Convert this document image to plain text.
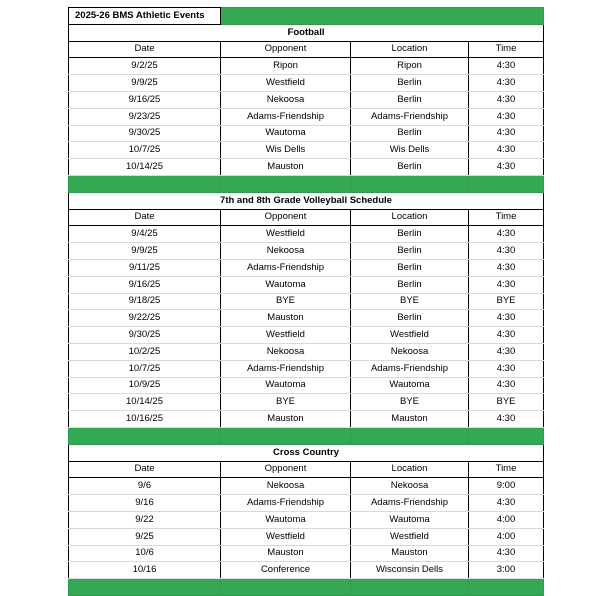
2025-26 BMS Athletic Events			
Football			
Date	Opponent	Location	Time
9/2/25	Ripon	Ripon	4:30
9/9/25	Westfield	Berlin	4:30
9/16/25	Nekoosa	Berlin	4:30
9/23/25	Adams-Friendship	Adams-Friendship	4:30
9/30/25	Wautoma	Berlin	4:30
10/7/25	Wis Dells	Wis Dells	4:30
10/14/25	Mauston	Berlin	4:30

7th and 8th Grade Volleyball Schedule			
Date	Opponent	Location	Time
9/4/25	Westfield	Berlin	4:30
9/9/25	Nekoosa	Berlin	4:30
9/11/25	Adams-Friendship	Berlin	4:30
9/16/25	Wautoma	Berlin	4:30
9/18/25	BYE	BYE	BYE
9/22/25	Mauston	Berlin	4:30
9/30/25	Westfield	Westfield	4:30
10/2/25	Nekoosa	Nekoosa	4:30
10/7/25	Adams-Friendship	Adams-Friendship	4:30
10/9/25	Wautoma	Wautoma	4:30
10/14/25	BYE	BYE	BYE
10/16/25	Mauston	Mauston	4:30

Cross Country			
Date	Opponent	Location	Time
9/6	Nekoosa	Nekoosa	9:00
9/16	Adams-Friendship	Adams-Friendship	4:30
9/22	Wautoma	Wautoma	4:00
9/25	Westfield	Westfield	4:00
10/6	Mauston	Mauston	4:30
10/16	Conference	Wisconsin Dells	3:00
